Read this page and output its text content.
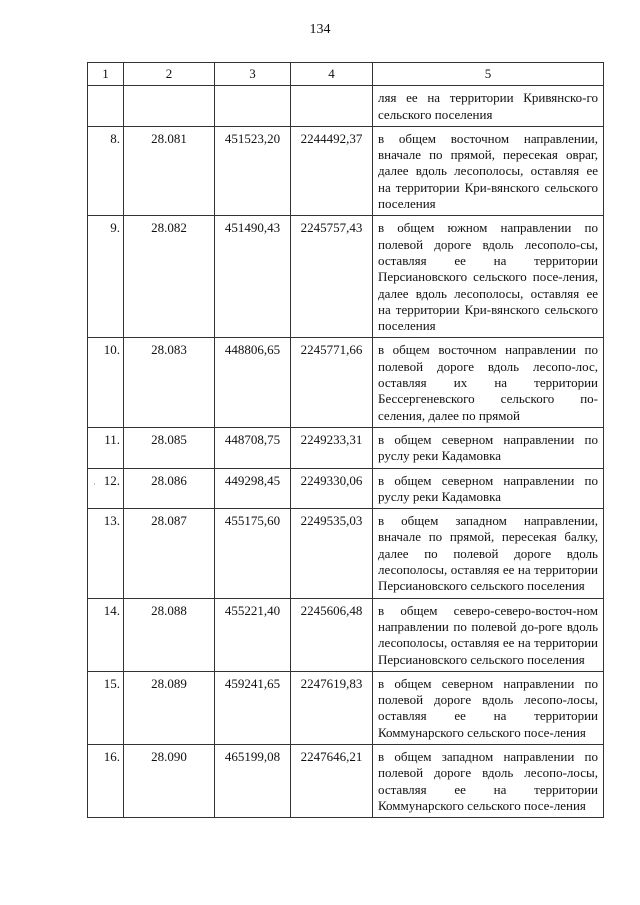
134
·
1	2	3	4	5
				ляя ее на территории Кривянско-го сельского поселения
8.	28.081	451523,20	2244492,37	в общем восточном направлении, вначале по прямой, пересекая овраг, далее вдоль лесополосы, оставляя ее на территории Кри-вянского сельского поселения
9.	28.082	451490,43	2245757,43	в общем южном направлении по полевой дороге вдоль лесополо-сы, оставляя ее на территории Персиановского сельского посе-ления, далее вдоль лесополосы, оставляя ее на территории Кри-вянского сельского поселения
10.	28.083	448806,65	2245771,66	в общем восточном направлении по полевой дороге вдоль лесопо-лос, оставляя их на территории Бессергеневского сельского по-селения, далее по прямой
11.	28.085	448708,75	2249233,31	в общем северном направлении по руслу реки Кадамовка
12.	28.086	449298,45	2249330,06	в общем северном направлении по руслу реки Кадамовка
13.	28.087	455175,60	2249535,03	в общем западном направлении, вначале по прямой, пересекая балку, далее по полевой дороге вдоль лесополосы, оставляя ее на территории Персиановского сельского поселения
14.	28.088	455221,40	2245606,48	в общем северо-северо-восточ-ном направлении по полевой до-роге вдоль лесополосы, оставляя ее на территории Персиановского сельского поселения
15.	28.089	459241,65	2247619,83	в общем северном направлении по полевой дороге вдоль лесопо-лосы, оставляя ее на территории Коммунарского сельского посе-ления
16.	28.090	465199,08	2247646,21	в общем западном направлении по полевой дороге вдоль лесопо-лосы, оставляя ее на территории Коммунарского сельского посе-ления
